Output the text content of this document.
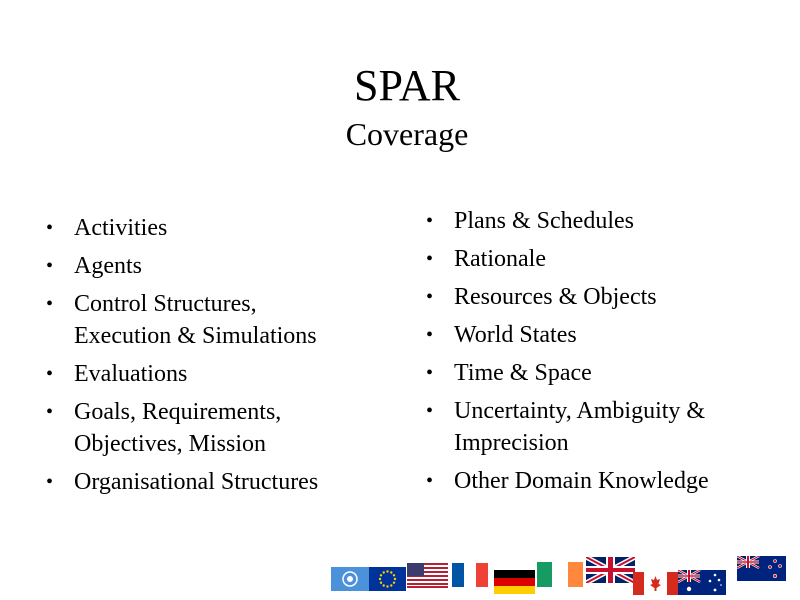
SPAR
Coverage
• Activities
• Agents
• Control Structures,
Execution & Simulations
• Evaluations
• Goals, Requirements,
Objectives, Mission
• Organisational Structures
• Plans & Schedules
• Rationale
• Resources & Objects
• World States
• Time & Space
• Uncertainty, Ambiguity &
Imprecision
• Other Domain Knowledge
